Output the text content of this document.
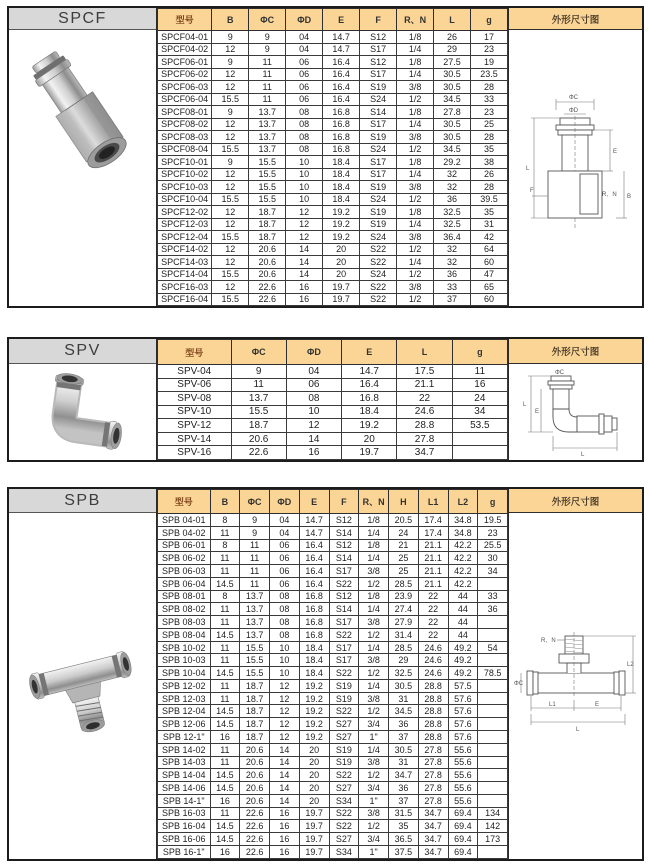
SPCF	型号	B	ΦC	ΦD	E	F	R、N	L	g
SPCF04-01	9	9	04	14.7	S12	1/8	26	17
SPCF04-02	12	9	04	14.7	S17	1/4	29	23
SPCF06-01	9	11	06	16.4	S12	1/8	27.5	19
SPCF06-02	12	11	06	16.4	S17	1/4	30.5	23.5
SPCF06-03	12	11	06	16.4	S19	3/8	30.5	28
SPCF06-04	15.5	11	06	16.4	S24	1/2	34.5	33
SPCF08-01	9	13.7	08	16.8	S14	1/8	27.8	23
SPCF08-02	12	13.7	08	16.8	S17	1/4	30.5	25
SPCF08-03	12	13.7	08	16.8	S19	3/8	30.5	28
SPCF08-04	15.5	13.7	08	16.8	S24	1/2	34.5	35
SPCF10-01	9	15.5	10	18.4	S17	1/8	29.2	38
SPCF10-02	12	15.5	10	18.4	S17	1/4	32	26
SPCF10-03	12	15.5	10	18.4	S19	3/8	32	28
SPCF10-04	15.5	15.5	10	18.4	S24	1/2	36	39.5
SPCF12-02	12	18.7	12	19.2	S19	1/8	32.5	35
SPCF12-03	12	18.7	12	19.2	S19	1/4	32.5	31
SPCF12-04	15.5	18.7	12	19.2	S24	3/8	36.4	42
SPCF14-02	12	20.6	14	20	S22	1/2	32	64
SPCF14-03	12	20.6	14	20	S22	1/4	32	60
SPCF14-04	15.5	20.6	14	20	S24	1/2	36	47
SPCF16-03	12	22.6	16	19.7	S22	3/8	33	65
SPCF16-04	15.5	22.6	16	19.7	S22	1/2	37	60
外形尺寸图
ΦC
ΦD
E
F
R、N B
L
SPV	型号	ΦC	ΦD	E	L	g
SPV-04	9	04	14.7	17.5	11
SPV-06	11	06	16.4	21.1	16
SPV-08	13.7	08	16.8	22	24
SPV-10	15.5	10	18.4	24.6	34
SPV-12	18.7	12	19.2	28.8	53.5
SPV-14	20.6	14	20	27.8	
SPV-16	22.6	16	19.7	34.7	
ΦC
L
E
L
外形尺寸图
SPB	型号	B	ΦC	ΦD	E	F	R、N	H	L1	L2	g
SPB 04-01	8	9	04	14.7	S12	1/8	20.5	17.4	34.8	19.5
SPB 04-02	11	9	04	14.7	S14	1/4	24	17.4	34.8	23
SPB 06-01	8	11	06	16.4	S12	1/8	21	21.1	42.2	25.5
SPB 06-02	11	11	06	16.4	S14	1/4	25	21.1	42.2	30
SPB 06-03	11	11	06	16.4	S17	3/8	25	21.1	42.2	34
SPB 06-04	14.5	11	06	16.4	S22	1/2	28.5	21.1	42.2	
SPB 08-01	8	13.7	08	16.8	S12	1/8	23.9	22	44	33
SPB 08-02	11	13.7	08	16.8	S14	1/4	27.4	22	44	36
SPB 08-03	11	13.7	08	16.8	S17	3/8	27.9	22	44	
SPB 08-04	14.5	13.7	08	16.8	S22	1/2	31.4	22	44	
SPB 10-02	11	15.5	10	18.4	S17	1/4	28.5	24.6	49.2	54
SPB 10-03	11	15.5	10	18.4	S17	3/8	29	24.6	49.2	
SPB 10-04	14.5	15.5	10	18.4	S22	1/2	32.5	24.6	49.2	78.5
SPB 12-02	11	18.7	12	19.2	S19	1/4	30.5	28.8	57.5	
SPB 12-03	11	18.7	12	19.2	S19	3/8	31	28.8	57.6	
SPB 12-04	14.5	18.7	12	19.2	S22	1/2	34.5	28.8	57.6	
SPB 12-06	14.5	18.7	12	19.2	S27	3/4	36	28.8	57.6	
SPB 12-1"	16	18.7	12	19.2	S27	1"	37	28.8	57.6	
SPB 14-02	11	20.6	14	20	S19	1/4	30.5	27.8	55.6	
SPB 14-03	11	20.6	14	20	S19	3/8	31	27.8	55.6	
SPB 14-04	14.5	20.6	14	20	S22	1/2	34.7	27.8	55.6	
SPB 14-06	14.5	20.6	14	20	S27	3/4	36	27.8	55.6	
SPB 14-1"	16	20.6	14	20	S34	1"	37	27.8	55.6	
SPB 16-03	11	22.6	16	19.7	S22	3/8	31.5	34.7	69.4	134
SPB 16-04	14.5	22.6	16	19.7	S22	1/2	35	34.7	69.4	142
SPB 16-06	14.5	22.6	16	19.7	S27	3/4	36.5	34.7	69.4	173
SPB 16-1"	16	22.6	16	19.7	S34	1"	37.5	34.7	69.4	
外形尺寸图
R、N
L2
ΦC
L1	E
L
